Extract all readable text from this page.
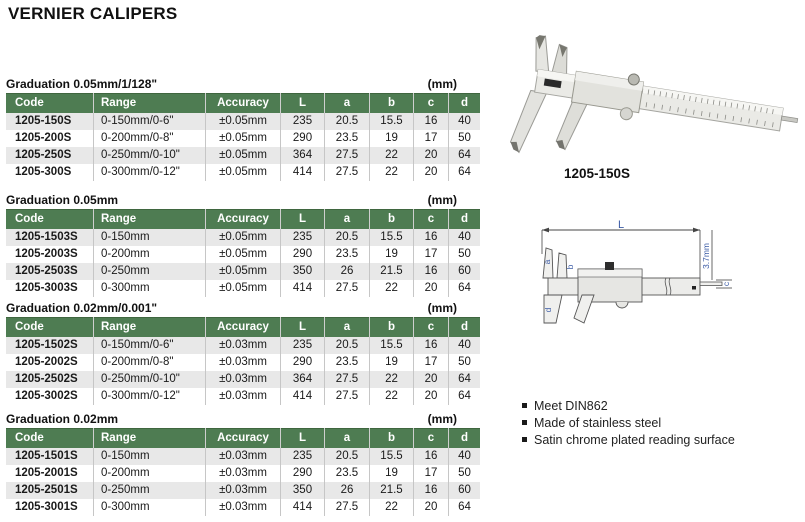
VERNIER CALIPERS
Graduation 0.05mm/1/128"	(mm)
Code	Range	Accuracy	L	a	b	c	d
1205-150S	0-150mm/0-6"	±0.05mm	235	20.5	15.5	16	40
1205-200S	0-200mm/0-8"	±0.05mm	290	23.5	19	17	50
1205-250S	0-250mm/0-10"	±0.05mm	364	27.5	22	20	64
1205-300S	0-300mm/0-12"	±0.05mm	414	27.5	22	20	64
Graduation 0.05mm	(mm)
Code	Range	Accuracy	L	a	b	c	d
1205-1503S	0-150mm	±0.05mm	235	20.5	15.5	16	40
1205-2003S	0-200mm	±0.05mm	290	23.5	19	17	50
1205-2503S	0-250mm	±0.05mm	350	26	21.5	16	60
1205-3003S	0-300mm	±0.05mm	414	27.5	22	20	64
Graduation 0.02mm/0.001"	(mm)
Code	Range	Accuracy	L	a	b	c	d
1205-1502S	0-150mm/0-6"	±0.03mm	235	20.5	15.5	16	40
1205-2002S	0-200mm/0-8"	±0.03mm	290	23.5	19	17	50
1205-2502S	0-250mm/0-10"	±0.03mm	364	27.5	22	20	64
1205-3002S	0-300mm/0-12"	±0.03mm	414	27.5	22	20	64
Graduation 0.02mm	(mm)
Code	Range	Accuracy	L	a	b	c	d
1205-1501S	0-150mm	±0.03mm	235	20.5	15.5	16	40
1205-2001S	0-200mm	±0.03mm	290	23.5	19	17	50
1205-2501S	0-250mm	±0.03mm	350	26	21.5	16	60
1205-3001S	0-300mm	±0.03mm	414	27.5	22	20	64
1205-150S
L
a
b
d
3.7mm
c
Meet DIN862
Made of stainless steel
Satin chrome plated reading surface
